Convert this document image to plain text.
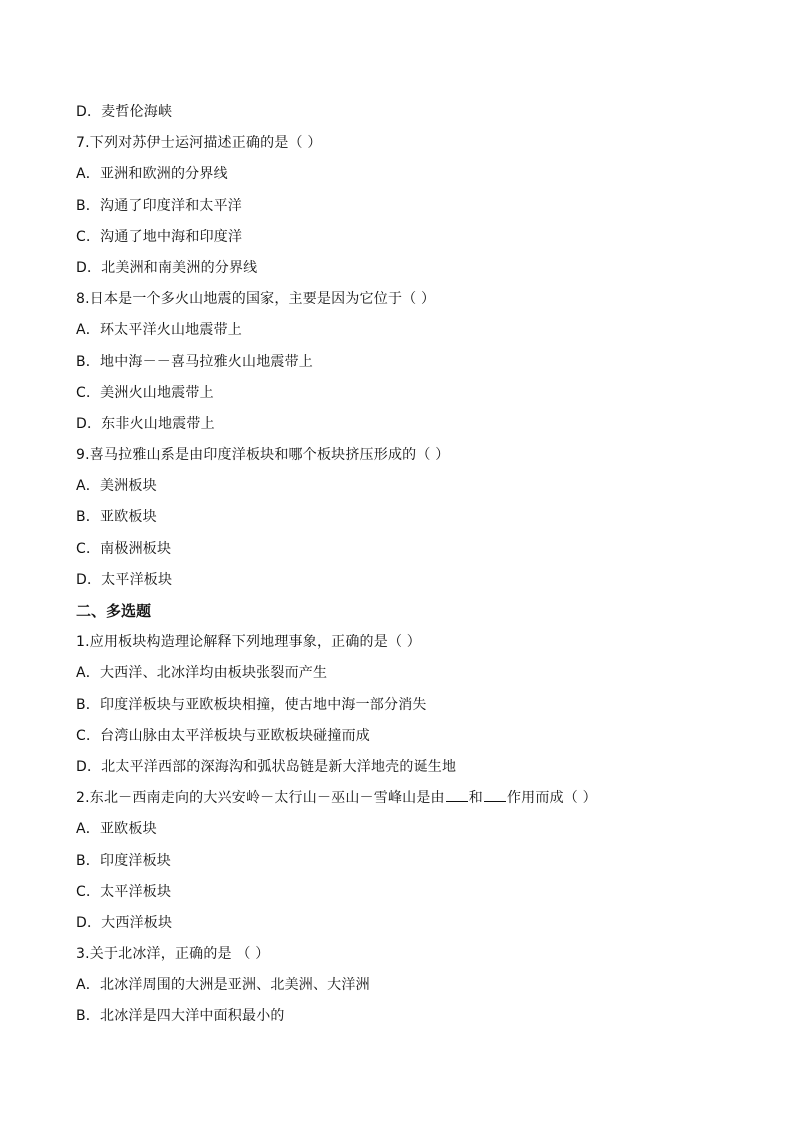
D．麦哲伦海峡
7.下列对苏伊士运河描述正确的是（ ）
A．亚洲和欧洲的分界线
B．沟通了印度洋和太平洋
C．沟通了地中海和印度洋
D．北美洲和南美洲的分界线
8.日本是一个多火山地震的国家，主要是因为它位于（ ）
A．环太平洋火山地震带上
B．地中海－－喜马拉雅火山地震带上
C．美洲火山地震带上
D．东非火山地震带上
9.喜马拉雅山系是由印度洋板块和哪个板块挤压形成的（ ）
A．美洲板块
B．亚欧板块
C．南极洲板块
D．太平洋板块
二、多选题
1.应用板块构造理论解释下列地理事象，正确的是（ ）
A．大西洋、北冰洋均由板块张裂而产生
B．印度洋板块与亚欧板块相撞，使古地中海一部分消失
C．台湾山脉由太平洋板块与亚欧板块碰撞而成
D．北太平洋西部的深海沟和弧状岛链是新大洋地壳的诞生地
2.东北－西南走向的大兴安岭－太行山－巫山－雪峰山是由 和 作用而成（ ）
A．亚欧板块
B．印度洋板块
C．太平洋板块
D．大西洋板块
3.关于北冰洋，正确的是 （ ）
A．北冰洋周围的大洲是亚洲、北美洲、大洋洲
B．北冰洋是四大洋中面积最小的
